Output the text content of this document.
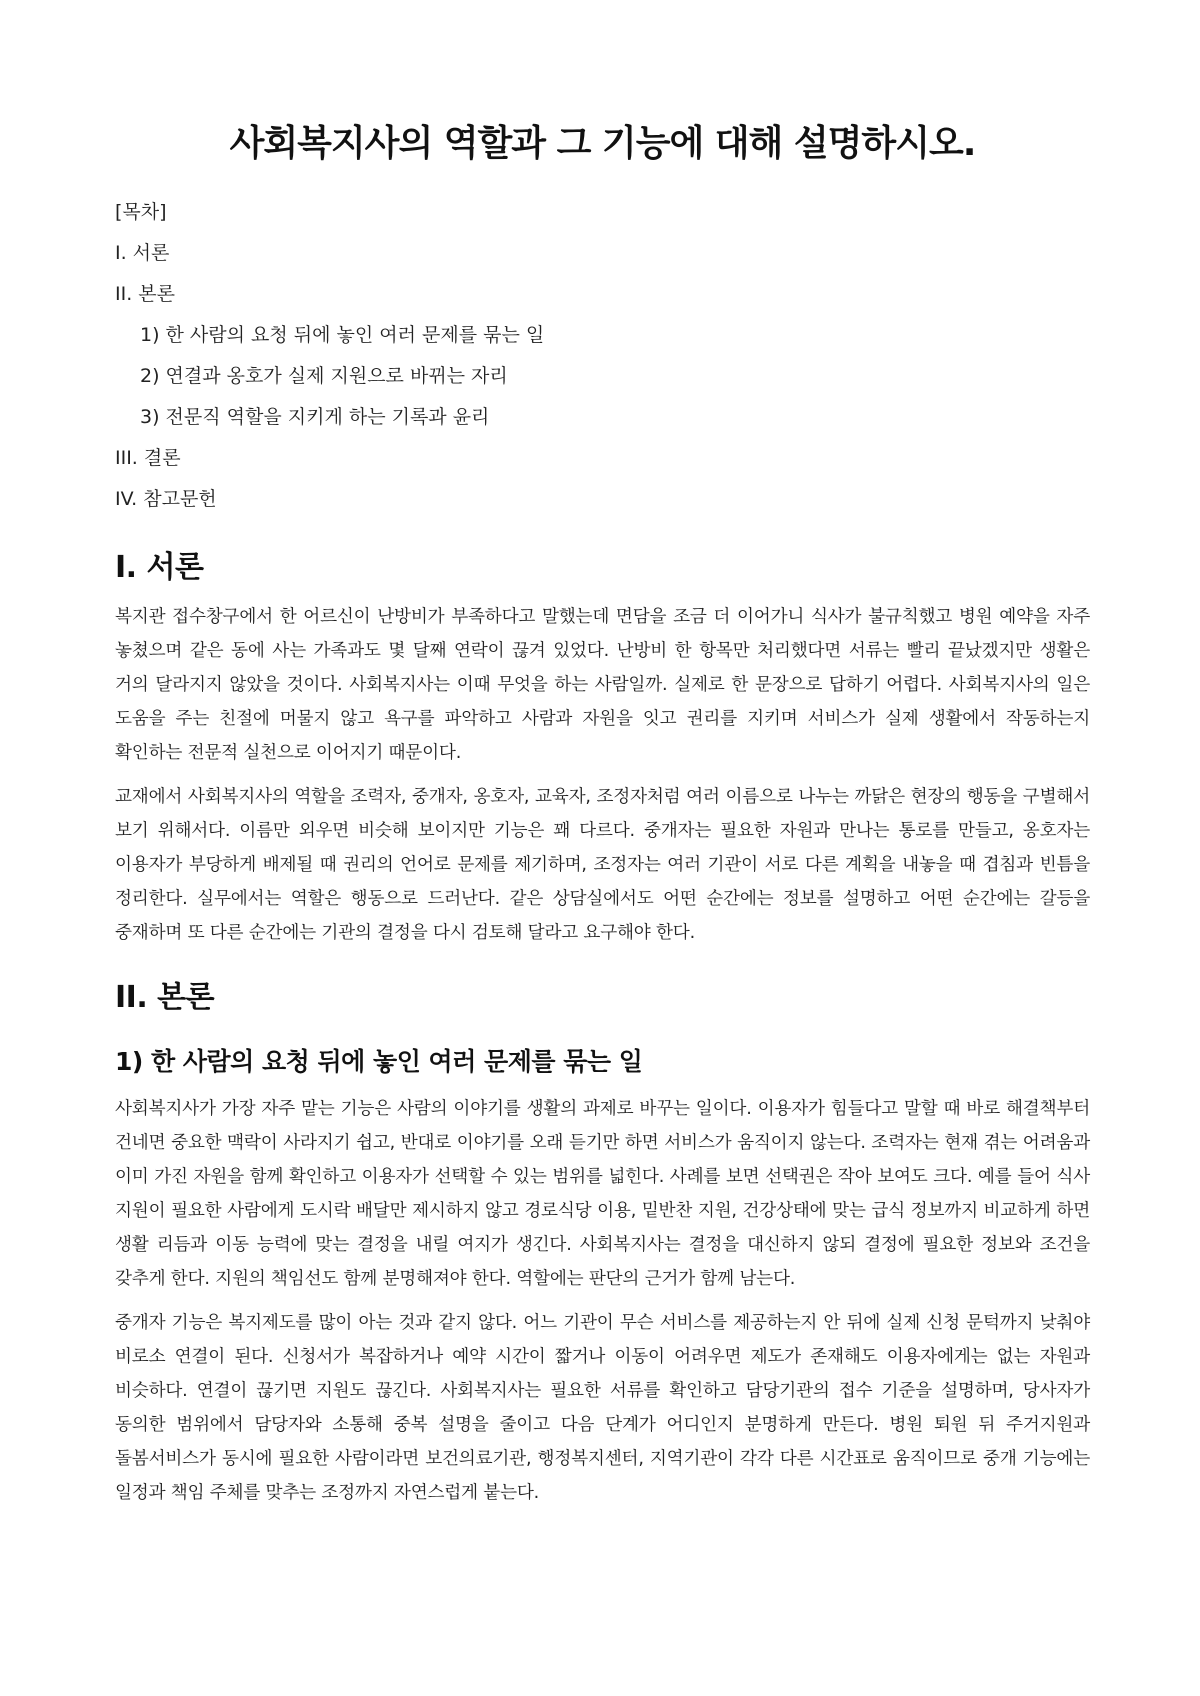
사회복지사의 역할과 그 기능에 대해 설명하시오.
[목차]
I. 서론
II. 본론
1) 한 사람의 요청 뒤에 놓인 여러 문제를 묶는 일
2) 연결과 옹호가 실제 지원으로 바뀌는 자리
3) 전문직 역할을 지키게 하는 기록과 윤리
III. 결론
IV. 참고문헌
I. 서론

복지관 접수창구에서 한 어르신이 난방비가 부족하다고 말했는데 면담을 조금 더 이어가니 식사가 불규칙했고 병원 예약을 자주 놓쳤으며 같은 동에 사는 가족과도 몇 달째 연락이 끊겨 있었다. 난방비 한 항목만 처리했다면 서류는 빨리 끝났겠지만 생활은 거의 달라지지 않았을 것이다. 사회복지사는 이때 무엇을 하는 사람일까. 실제로 한 문장으로 답하기 어렵다. 사회복지사의 일은 도움을 주는 친절에 머물지 않고 욕구를 파악하고 사람과 자원을 잇고 권리를 지키며 서비스가 실제 생활에서 작동하는지 확인하는 전문적 실천으로 이어지기 때문이다.

교재에서 사회복지사의 역할을 조력자, 중개자, 옹호자, 교육자, 조정자처럼 여러 이름으로 나누는 까닭은 현장의 행동을 구별해서 보기 위해서다. 이름만 외우면 비슷해 보이지만 기능은 꽤 다르다. 중개자는 필요한 자원과 만나는 통로를 만들고, 옹호자는 이용자가 부당하게 배제될 때 권리의 언어로 문제를 제기하며, 조정자는 여러 기관이 서로 다른 계획을 내놓을 때 겹침과 빈틈을 정리한다. 실무에서는 역할은 행동으로 드러난다. 같은 상담실에서도 어떤 순간에는 정보를 설명하고 어떤 순간에는 갈등을 중재하며 또 다른 순간에는 기관의 결정을 다시 검토해 달라고 요구해야 한다.

II. 본론
1) 한 사람의 요청 뒤에 놓인 여러 문제를 묶는 일

사회복지사가 가장 자주 맡는 기능은 사람의 이야기를 생활의 과제로 바꾸는 일이다. 이용자가 힘들다고 말할 때 바로 해결책부터 건네면 중요한 맥락이 사라지기 쉽고, 반대로 이야기를 오래 듣기만 하면 서비스가 움직이지 않는다. 조력자는 현재 겪는 어려움과 이미 가진 자원을 함께 확인하고 이용자가 선택할 수 있는 범위를 넓힌다. 사례를 보면 선택권은 작아 보여도 크다. 예를 들어 식사 지원이 필요한 사람에게 도시락 배달만 제시하지 않고 경로식당 이용, 밑반찬 지원, 건강상태에 맞는 급식 정보까지 비교하게 하면 생활 리듬과 이동 능력에 맞는 결정을 내릴 여지가 생긴다. 사회복지사는 결정을 대신하지 않되 결정에 필요한 정보와 조건을 갖추게 한다. 지원의 책임선도 함께 분명해져야 한다. 역할에는 판단의 근거가 함께 남는다.

중개자 기능은 복지제도를 많이 아는 것과 같지 않다. 어느 기관이 무슨 서비스를 제공하는지 안 뒤에 실제 신청 문턱까지 낮춰야 비로소 연결이 된다. 신청서가 복잡하거나 예약 시간이 짧거나 이동이 어려우면 제도가 존재해도 이용자에게는 없는 자원과 비슷하다. 연결이 끊기면 지원도 끊긴다. 사회복지사는 필요한 서류를 확인하고 담당기관의 접수 기준을 설명하며, 당사자가 동의한 범위에서 담당자와 소통해 중복 설명을 줄이고 다음 단계가 어디인지 분명하게 만든다. 병원 퇴원 뒤 주거지원과 돌봄서비스가 동시에 필요한 사람이라면 보건의료기관, 행정복지센터, 지역기관이 각각 다른 시간표로 움직이므로 중개 기능에는 일정과 책임 주체를 맞추는 조정까지 자연스럽게 붙는다.
